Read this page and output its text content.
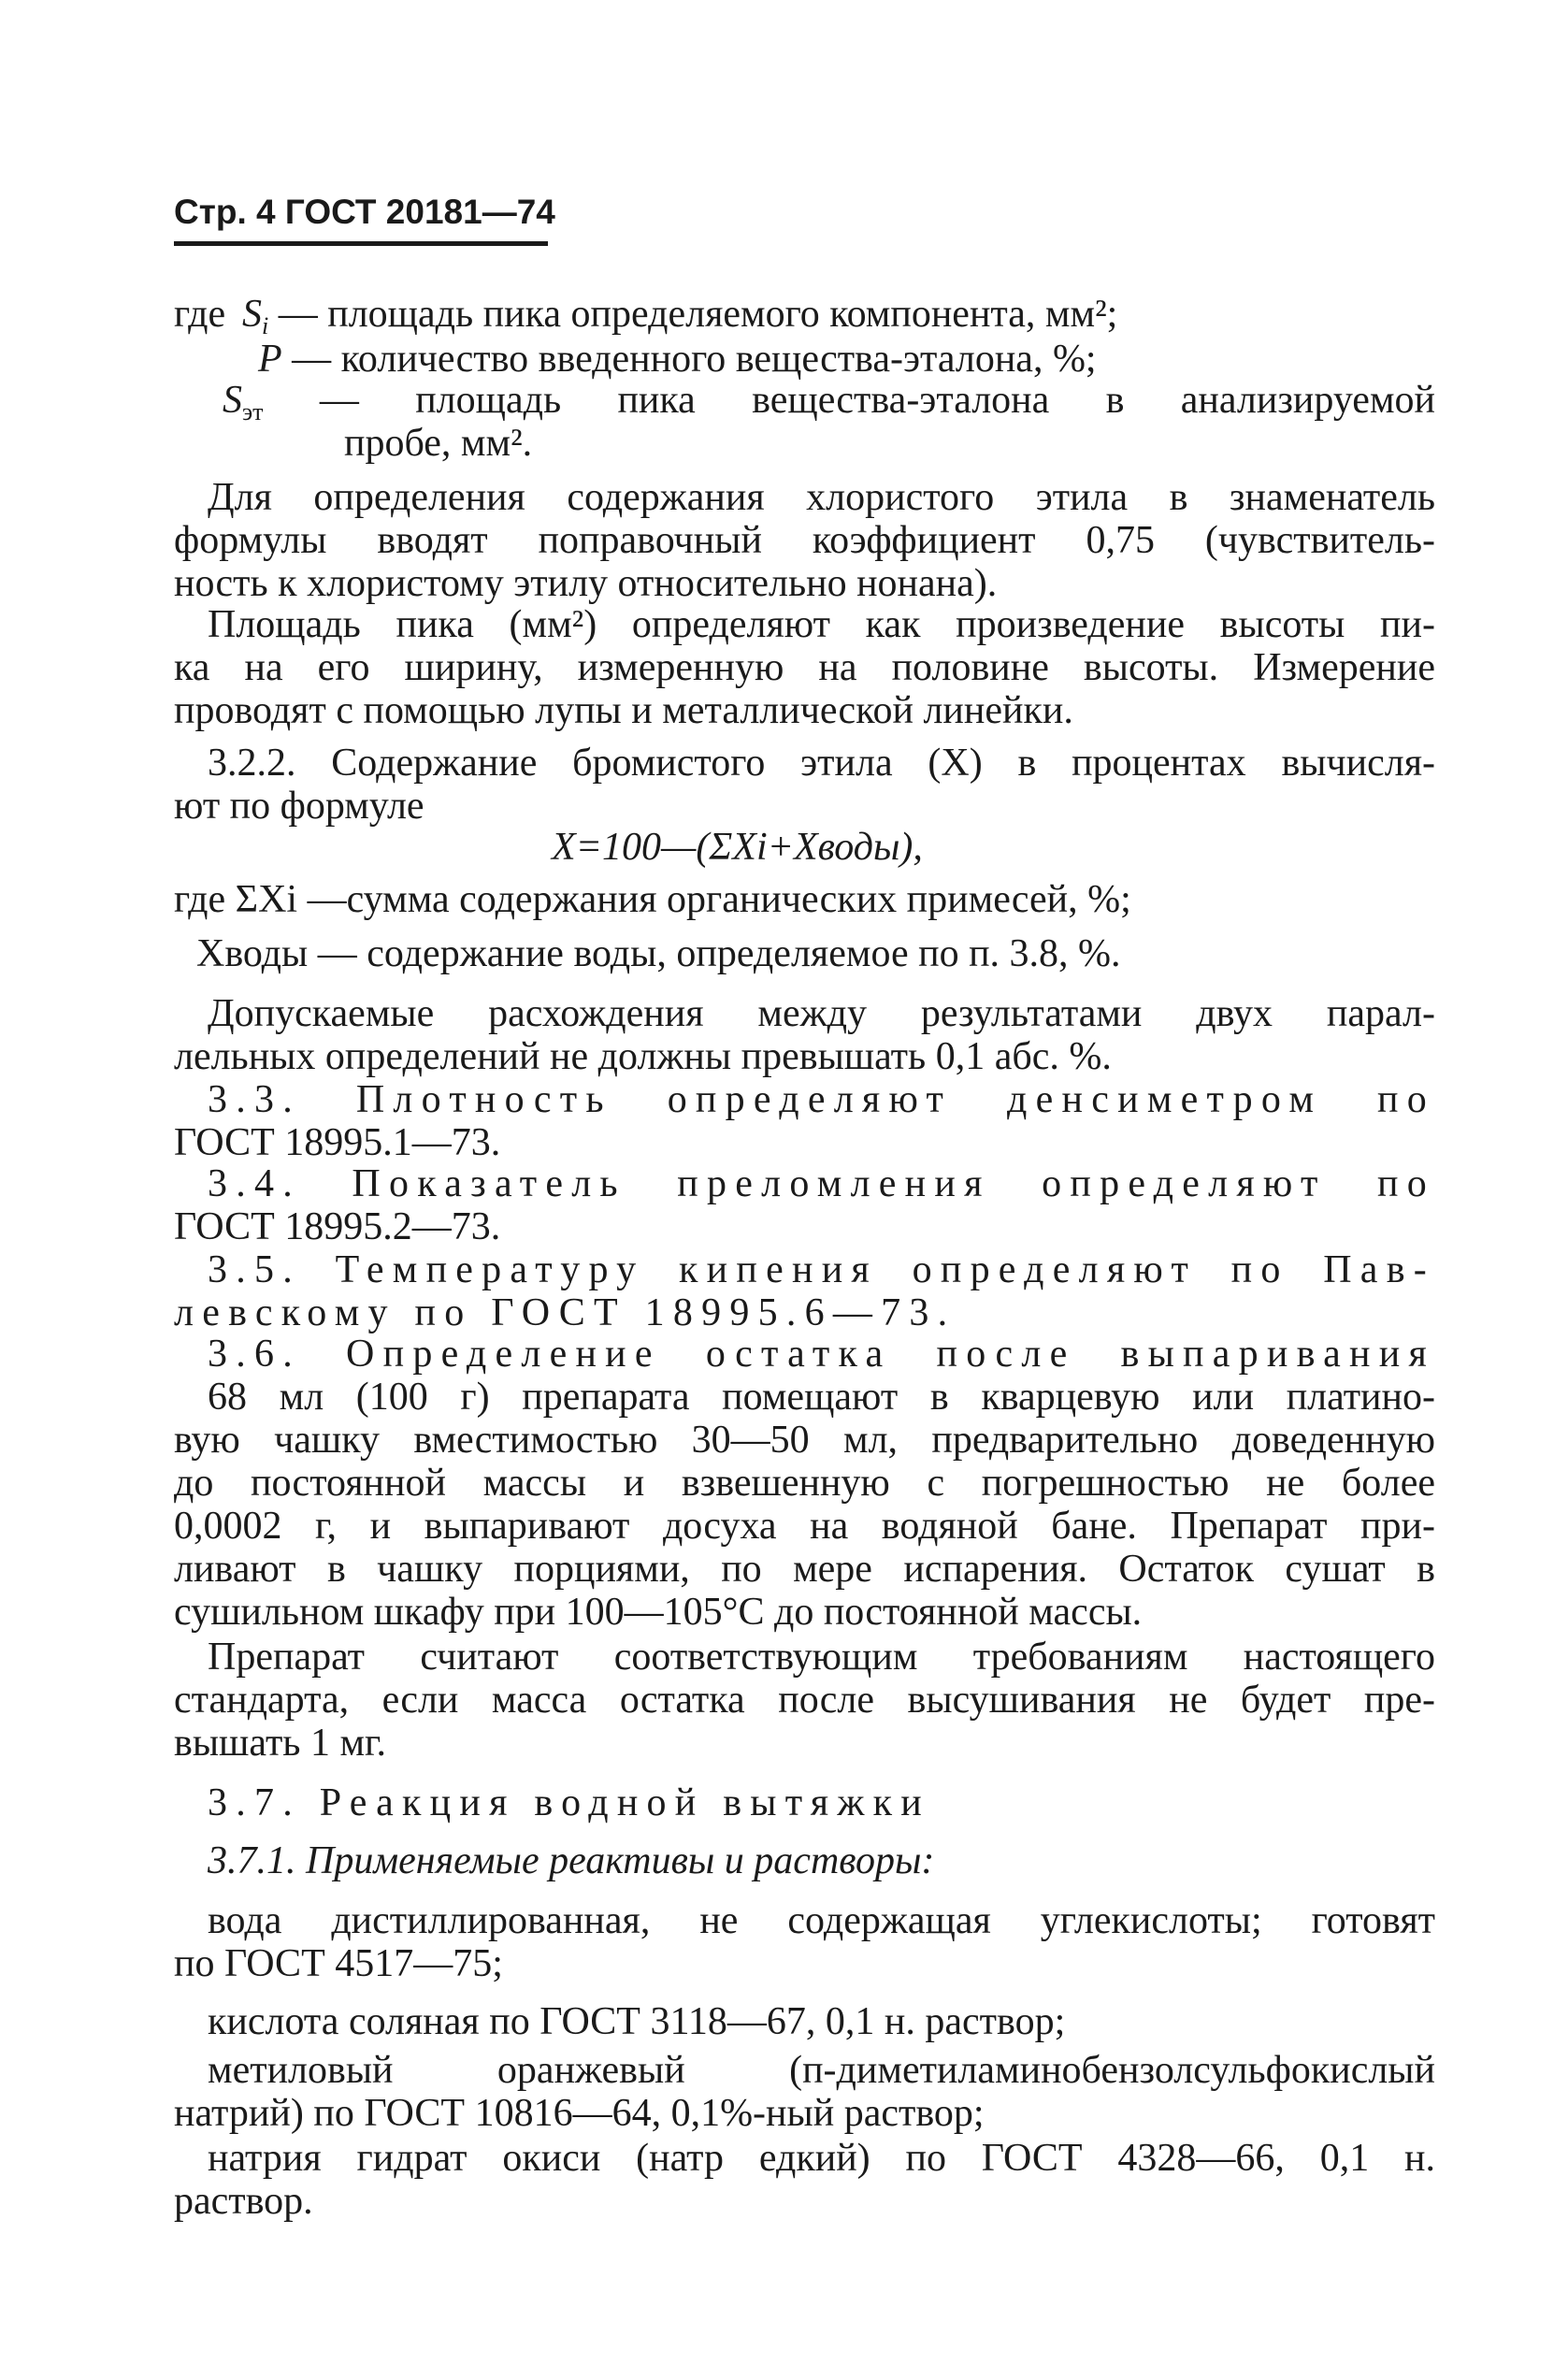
Стр. 4 ГОСТ 20181—74
где $S_i$ — площадь пика определяемого компонента, мм²;
P — количество введенного вещества-эталона, %;
$S_{эт}$ — площадь пика вещества-эталона в анализируемой
пробе, мм².
Для определения содержания хлористого этила в знаменатель
формулы вводят поправочный коэффициент 0,75 (чувствитель-
ность к хлористому этилу относительно нонана).
Площадь пика (мм²) определяют как произведение высоты пи-
ка на его ширину, измеренную на половине высоты. Измерение
проводят с помощью лупы и металлической линейки.
3.2.2. Содержание бромистого этила (X) в процентах вычисля-
ют по формуле
X=100—(ΣXi+Xводы),
где ΣXi —сумма содержания органических примесей, %;
Xводы — содержание воды, определяемое по п. 3.8, %.
Допускаемые расхождения между результатами двух парал-
лельных определений не должны превышать 0,1 абс. %.
3.3. Плотность определяют денсиметром по
ГОСТ 18995.1—73.
3.4. Показатель преломления определяют по
ГОСТ 18995.2—73.
3.5. Температуру кипения определяют по Пав-
левскому по ГОСТ 18995.6—73.
3.6. Определение остатка после выпаривания
68 мл (100 г) препарата помещают в кварцевую или платино-
вую чашку вместимостью 30—50 мл, предварительно доведенную
до постоянной массы и взвешенную с погрешностью не более
0,0002 г, и выпаривают досуха на водяной бане. Препарат при-
ливают в чашку порциями, по мере испарения. Остаток сушат в
сушильном шкафу при 100—105°С до постоянной массы.
Препарат считают соответствующим требованиям настоящего
стандарта, если масса остатка после высушивания не будет пре-
вышать 1 мг.
3.7. Реакция водной вытяжки
3.7.1. Применяемые реактивы и растворы:
вода дистиллированная, не содержащая углекислоты; готовят
по ГОСТ 4517—75;
кислота соляная по ГОСТ 3118—67, 0,1 н. раствор;
метиловый оранжевый (п-диметиламинобензолсульфокислый
натрий) по ГОСТ 10816—64, 0,1%-ный раствор;
натрия гидрат окиси (натр едкий) по ГОСТ 4328—66, 0,1 н.
раствор.
